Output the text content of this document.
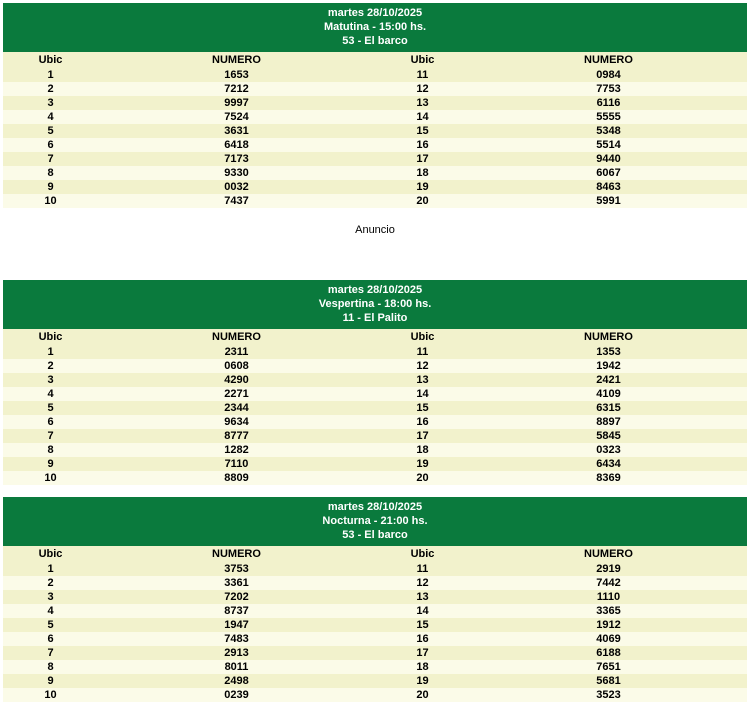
martes 28/10/2025
Matutina - 15:00 hs.
53 - El barco
Ubic	NUMERO	Ubic	NUMERO
1	1653	11	0984
2	7212	12	7753
3	9997	13	6116
4	7524	14	5555
5	3631	15	5348
6	6418	16	5514
7	7173	17	9440
8	9330	18	6067
9	0032	19	8463
10	7437	20	5991
Anuncio
martes 28/10/2025
Vespertina - 18:00 hs.
11 - El Palito
Ubic	NUMERO	Ubic	NUMERO
1	2311	11	1353
2	0608	12	1942
3	4290	13	2421
4	2271	14	4109
5	2344	15	6315
6	9634	16	8897
7	8777	17	5845
8	1282	18	0323
9	7110	19	6434
10	8809	20	8369
martes 28/10/2025
Nocturna - 21:00 hs.
53 - El barco
Ubic	NUMERO	Ubic	NUMERO
1	3753	11	2919
2	3361	12	7442
3	7202	13	1110
4	8737	14	3365
5	1947	15	1912
6	7483	16	4069
7	2913	17	6188
8	8011	18	7651
9	2498	19	5681
10	0239	20	3523
